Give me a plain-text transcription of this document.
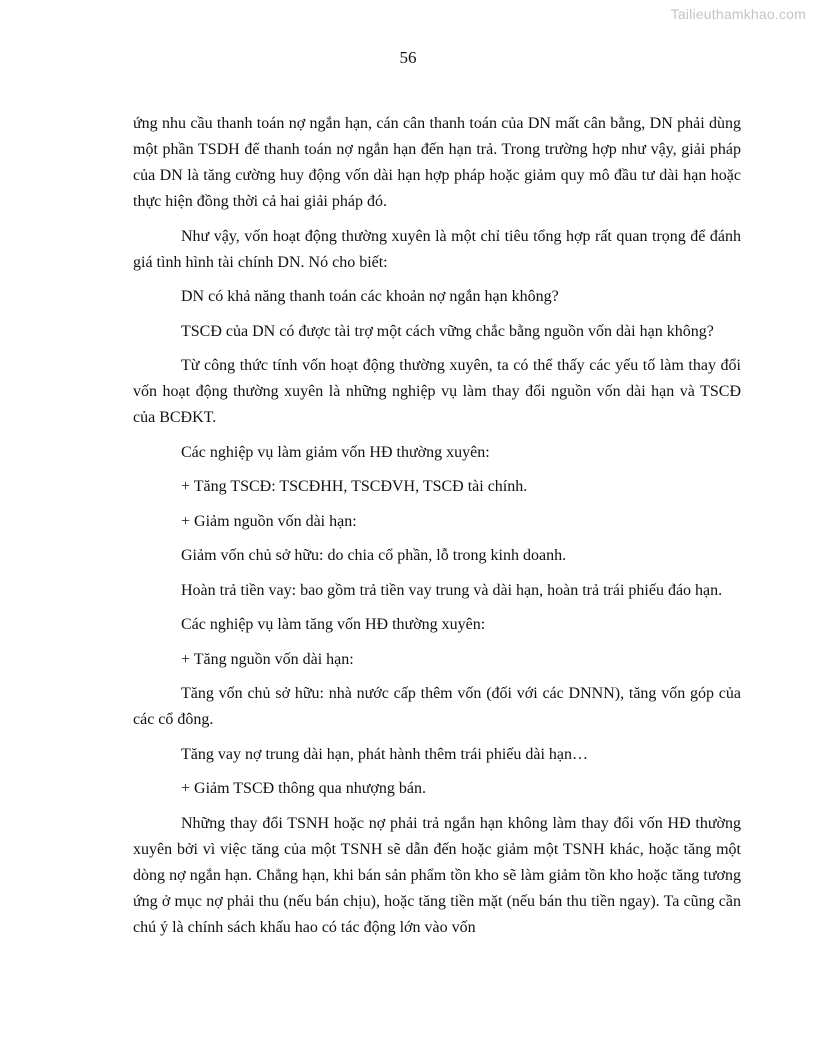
Tailieuthamkhao.com
56

ứng nhu cầu thanh toán nợ ngắn hạn, cán cân thanh toán của DN mất cân bằng, DN phải dùng một phần TSDH để thanh toán nợ ngắn hạn đến hạn trả. Trong trường hợp như vậy, giải pháp của DN là tăng cường huy động vốn dài hạn hợp pháp hoặc giảm quy mô đầu tư dài hạn hoặc thực hiện đồng thời cả hai giải pháp đó.

Như vậy, vốn hoạt động thường xuyên là một chỉ tiêu tổng hợp rất quan trọng để đánh giá tình hình tài chính DN. Nó cho biết:

DN có khả năng thanh toán các khoản nợ ngắn hạn không?

TSCĐ của DN có được tài trợ một cách vững chắc bằng nguồn vốn dài hạn không?

Từ công thức tính vốn hoạt động thường xuyên, ta có thể thấy các yếu tố làm thay đổi vốn hoạt động thường xuyên là những nghiệp vụ làm thay đổi nguồn vốn dài hạn và TSCĐ của BCĐKT.

Các nghiệp vụ làm giảm vốn HĐ thường xuyên:

+ Tăng TSCĐ: TSCĐHH, TSCĐVH, TSCĐ tài chính.

+ Giảm nguồn vốn dài hạn:

Giảm vốn chủ sở hữu: do chia cổ phần, lỗ trong kinh doanh.

Hoàn trả tiền vay: bao gồm trả tiền vay trung và dài hạn, hoàn trả trái phiếu đáo hạn.

Các nghiệp vụ làm tăng vốn HĐ thường xuyên:

+ Tăng nguồn vốn dài hạn:

Tăng vốn chủ sở hữu: nhà nước cấp thêm vốn (đối với các DNNN), tăng vốn góp của các cổ đông.

Tăng vay nợ trung dài hạn, phát hành thêm trái phiếu dài hạn…

+ Giảm TSCĐ thông qua nhượng bán.

Những thay đổi TSNH hoặc nợ phải trả ngắn hạn không làm thay đổi vốn HĐ thường xuyên bởi vì việc tăng của một TSNH sẽ dẫn đến hoặc giảm một TSNH khác, hoặc tăng một dòng nợ ngắn hạn. Chẳng hạn, khi bán sản phẩm tồn kho sẽ làm giảm tồn kho hoặc tăng tương ứng ở mục nợ phải thu (nếu bán chịu), hoặc tăng tiền mặt (nếu bán thu tiền ngay). Ta cũng cần chú ý là chính sách khấu hao có tác động lớn vào vốn
